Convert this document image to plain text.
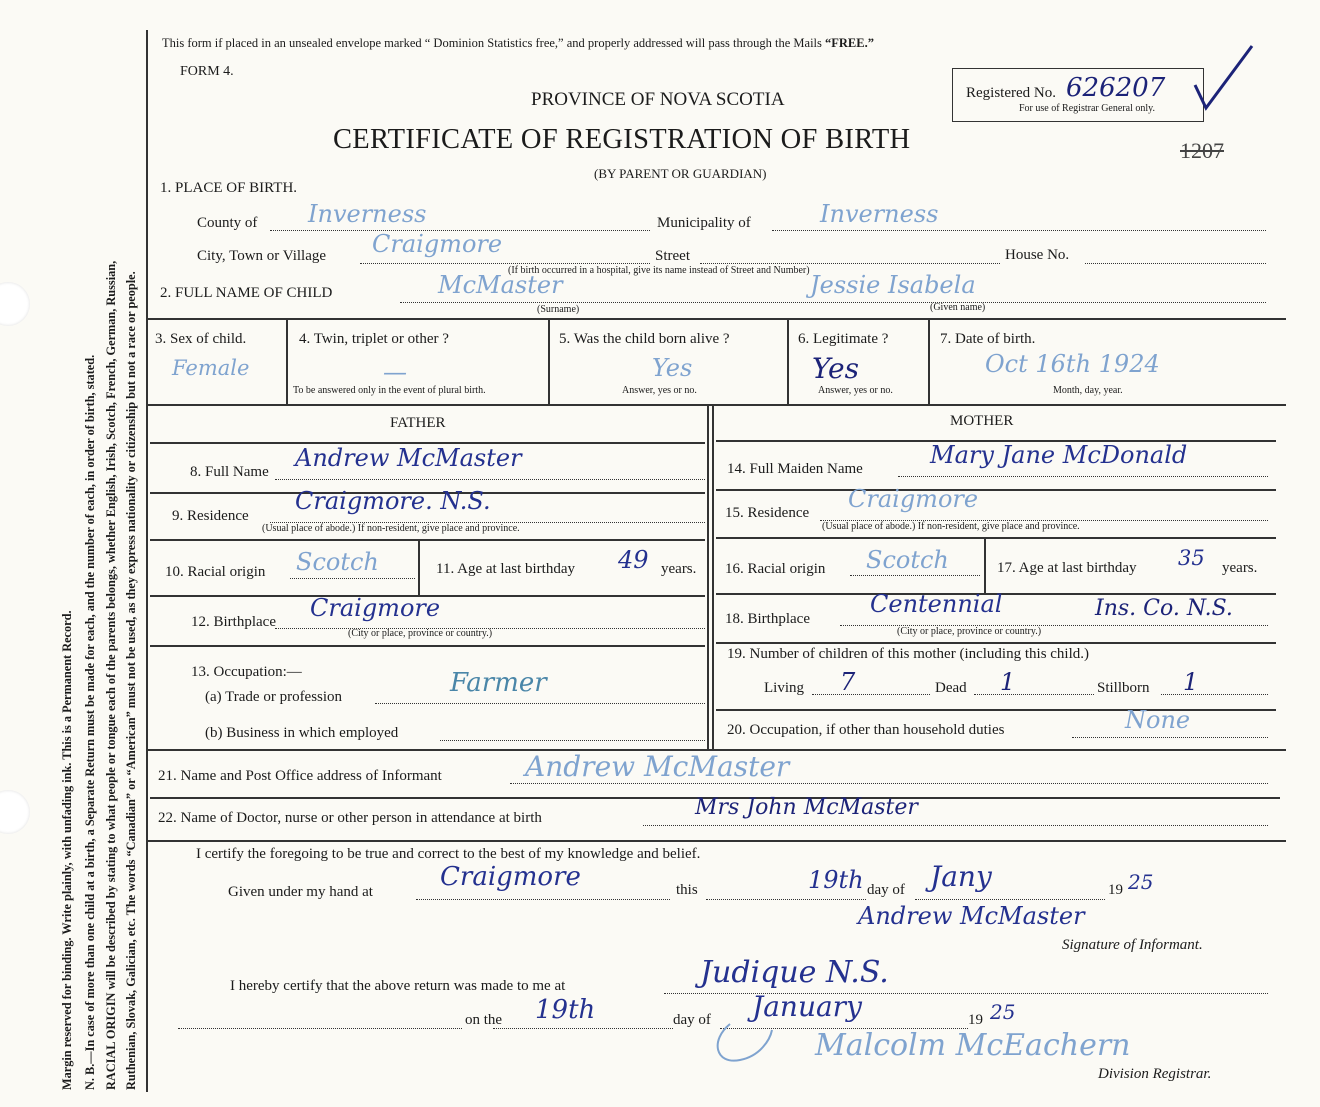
Margin reserved for binding. Write plainly, with unfading ink. This is a Permanent Record. N. B.—In case of more than one child at a birth, a Separate Return must be made for each, and the number of each, in order of birth, stated. RACIAL ORIGIN will be described by stating to what people or tongue each of the parents belongs, whether English, Irish, Scotch, French, German, Russian, Ruthenian, Slovak, Galician, etc. The words “Canadian” or “American” must not be used, as they express nationality or citizenship but not a race or people.
This form if placed in an unsealed envelope marked “ Dominion Statistics free,” and properly addressed will pass through the Mails “FREE.”
FORM 4.
PROVINCE OF NOVA SCOTIA
CERTIFICATE OF REGISTRATION OF BIRTH
(BY PARENT OR GUARDIAN)
Registered No. 626207
For use of Registrar General only.
1207
1. PLACE OF BIRTH.
County of Inverness	Municipality of	Inverness
City, Town or Village Craigmore	Street	House No.
(If birth occurred in a hospital, give its name instead of Street and Number)
2. FULL NAME OF CHILD	McMaster	Jessie Isabela
(Surname)	(Given name)
3. Sex of child.
Female
4. Twin, triplet or other ?
—
To be answered only in the event of plural birth.
5. Was the child born alive ?
Yes
Answer, yes or no.
6. Legitimate ?
Yes
Answer, yes or no.
7. Date of birth.
Oct 16th 1924
Month, day, year.
FATHER	MOTHER
8. Full Name Andrew McMaster
9. Residence
Craigmore. N.S.
(Usual place of abode.) If non-resident, give place and province.
10. Racial origin Scotch	11. Age at last birthday 49 years.
12. Birthplace Craigmore
(City or place, province or country.)
13. Occupation:—
(a) Trade or profession	Farmer
(b) Business in which employed
14. Full Maiden Name	Mary Jane McDonald
15. Residence Craigmore
(Usual place of abode.) If non-resident, give place and province.
16. Racial origin Scotch	17. Age at last birthday 35 years.
18. Birthplace
Centennial	Ins. Co. N.S.
(City or place, province or country.)
19. Number of children of this mother (including this child.)
Living 7	Dead 1	Stillborn 1
20. Occupation, if other than household duties	None
21. Name and Post Office address of Informant	Andrew McMaster
22. Name of Doctor, nurse or other person in attendance at birth	Mrs John McMaster
I certify the foregoing to be true and correct to the best of my knowledge and belief.
Given under my hand at	Craigmore	this	19th day of Jany	19 25
Andrew McMaster
Signature of Informant.
I hereby certify that the above return was made to me at	Judique N.S.
on the 19th	day of January	19 25
Malcolm McEachern
Division Registrar.
